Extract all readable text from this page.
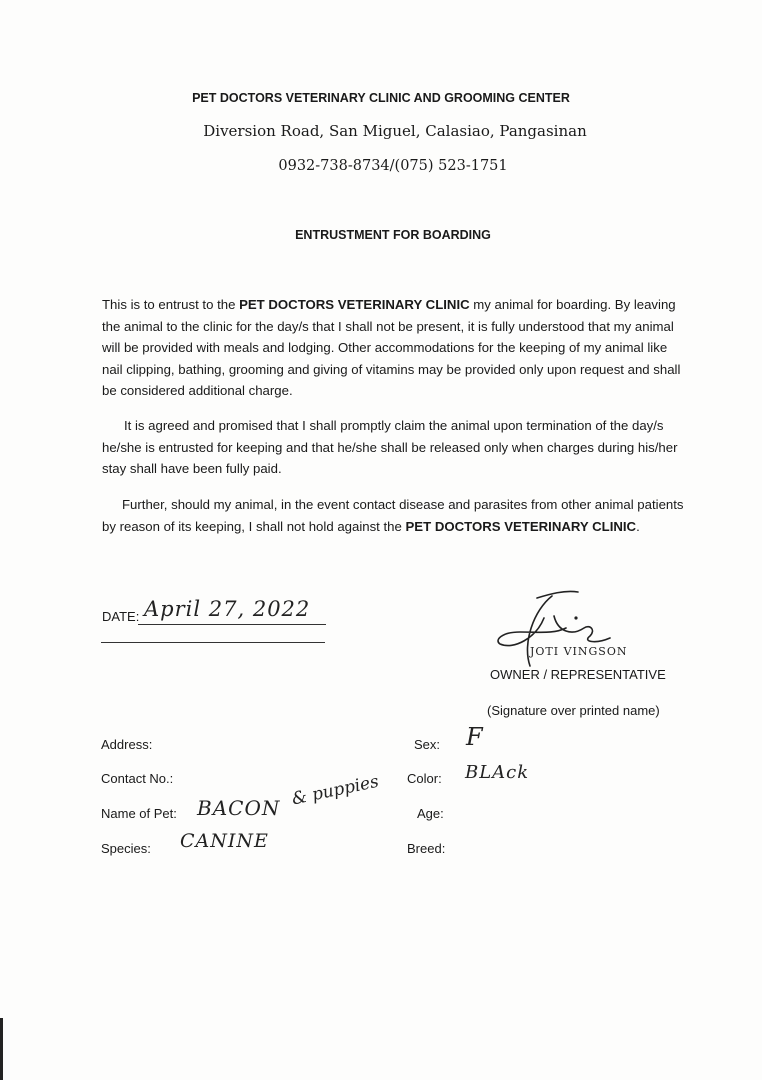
PET DOCTORS VETERINARY CLINIC AND GROOMING CENTER
Diversion Road, San Miguel, Calasiao, Pangasinan
0932-738-8734/(075) 523-1751
ENTRUSTMENT FOR BOARDING
This is to entrust to the PET DOCTORS VETERINARY CLINIC my animal for boarding. By leaving the animal to the clinic for the day/s that I shall not be present, it is fully understood that my animal will be provided with meals and lodging. Other accommodations for the keeping of my animal like nail clipping, bathing, grooming and giving of vitamins may be provided only upon request and shall be considered additional charge.
It is agreed and promised that I shall promptly claim the animal upon termination of the day/s he/she is entrusted for keeping and that he/she shall be released only when charges during his/her stay shall have been fully paid.
Further, should my animal, in the event contact disease and parasites from other animal patients by reason of its keeping, I shall not hold against the PET DOCTORS VETERINARY CLINIC.
DATE: April 27, 2022
JOTI VINGSON
OWNER / REPRESENTATIVE
(Signature over printed name)
Address:
Contact No.:
Name of Pet: BACON & puppies
Species: CANINE
Sex: F
Color: BLAck
Age:
Breed:
